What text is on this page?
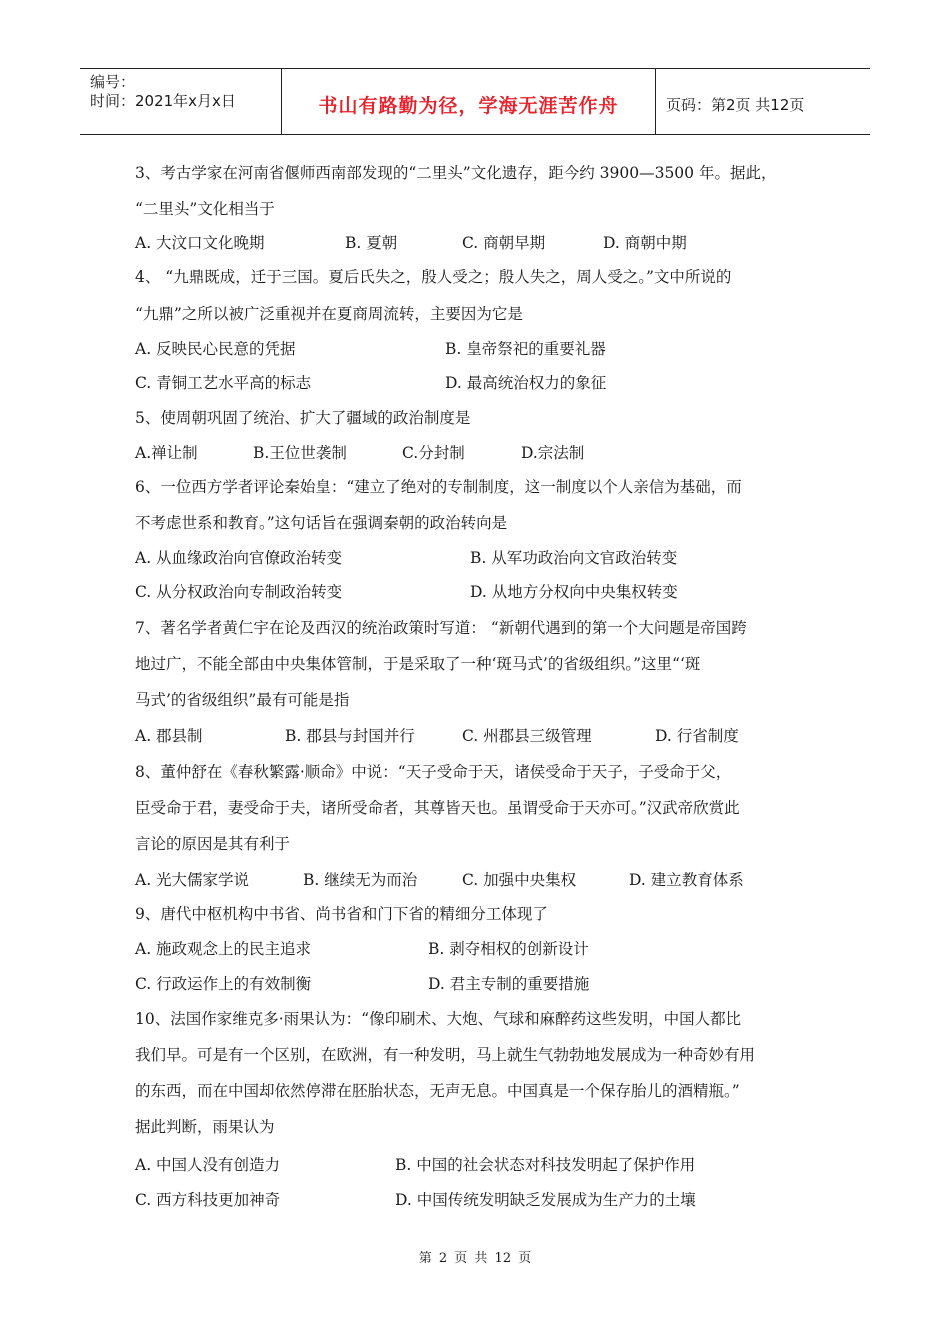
编号：
时间：2021年x月x日	书山有路勤为径，学海无涯苦作舟	页码：第2页 共12页
3、考古学家在河南省偃师西南部发现的“二里头”文化遗存，距今约 3900—3500 年。据此，
“二里头”文化相当于
A. 大汶口文化晚期	B. 夏朝	C. 商朝早期	D. 商朝中期
4、 “九鼎既成，迁于三国。夏后氏失之，殷人受之；殷人失之，周人受之。”文中所说的
“九鼎”之所以被广泛重视并在夏商周流转，主要因为它是
A. 反映民心民意的凭据	B. 皇帝祭祀的重要礼器
C. 青铜工艺水平高的标志	D. 最高统治权力的象征
5、使周朝巩固了统治、扩大了疆域的政治制度是
A.禅让制	B.王位世袭制	C.分封制	D.宗法制
6、一位西方学者评论秦始皇：“建立了绝对的专制制度，这一制度以个人亲信为基础，而
不考虑世系和教育。”这句话旨在强调秦朝的政治转向是
A. 从血缘政治向官僚政治转变	B. 从军功政治向文官政治转变
C. 从分权政治向专制政治转变	D. 从地方分权向中央集权转变
7、著名学者黄仁宇在论及西汉的统治政策时写道： “新朝代遇到的第一个大问题是帝国跨
地过广，不能全部由中央集体管制，于是采取了一种‘斑马式’的省级组织。”这里“‘斑
马式’的省级组织”最有可能是指
A. 郡县制	B. 郡县与封国并行	C. 州郡县三级管理	D. 行省制度
8、董仲舒在《春秋繁露·顺命》中说：“天子受命于天，诸侯受命于天子，子受命于父，
臣受命于君，妻受命于夫，诸所受命者，其尊皆天也。虽谓受命于天亦可。”汉武帝欣赏此
言论的原因是其有利于
A. 光大儒家学说	B. 继续无为而治	C. 加强中央集权	D. 建立教育体系
9、唐代中枢机构中书省、尚书省和门下省的精细分工体现了
A. 施政观念上的民主追求	B. 剥夺相权的创新设计
C. 行政运作上的有效制衡	D. 君主专制的重要措施
10、法国作家维克多·雨果认为：“像印刷术、大炮、气球和麻醉药这些发明，中国人都比
我们早。可是有一个区别，在欧洲，有一种发明，马上就生气勃勃地发展成为一种奇妙有用
的东西，而在中国却依然停滞在胚胎状态，无声无息。中国真是一个保存胎儿的酒精瓶。”
据此判断，雨果认为
A. 中国人没有创造力	B. 中国的社会状态对科技发明起了保护作用
C. 西方科技更加神奇	D. 中国传统发明缺乏发展成为生产力的土壤
第 2 页 共 12 页
